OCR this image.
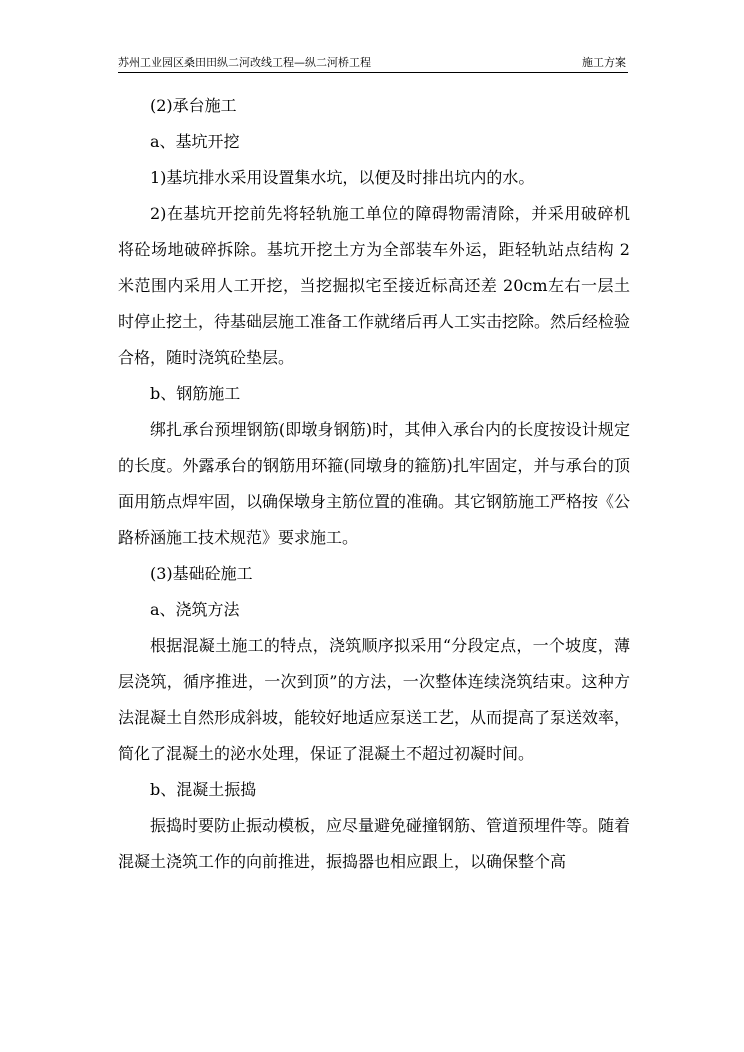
苏州工业园区桑田田纵二河改线工程—纵二河桥工程	施工方案

(2)承台施工

a、基坑开挖

1)基坑排水采用设置集水坑，以便及时排出坑内的水。

2)在基坑开挖前先将轻轨施工单位的障碍物需清除，并采用破碎机将砼场地破碎拆除。基坑开挖土方为全部装车外运，距轻轨站点结构 2 米范围内采用人工开挖，当挖掘拟宅至接近标高还差 20cm左右一层土时停止挖土，待基础层施工准备工作就绪后再人工实击挖除。然后经检验合格，随时浇筑砼垫层。

b、钢筋施工

绑扎承台预埋钢筋(即墩身钢筋)时，其伸入承台内的长度按设计规定的长度。外露承台的钢筋用环箍(同墩身的箍筋)扎牢固定，并与承台的顶面用筋点焊牢固，以确保墩身主筋位置的准确。其它钢筋施工严格按《公路桥涵施工技术规范》要求施工。

(3)基础砼施工

a、浇筑方法

根据混凝土施工的特点，浇筑顺序拟采用“分段定点，一个坡度，薄层浇筑，循序推进，一次到顶”的方法，一次整体连续浇筑结束。这种方法混凝土自然形成斜坡，能较好地适应泵送工艺，从而提高了泵送效率，简化了混凝土的泌水处理，保证了混凝土不超过初凝时间。

b、混凝土振捣

振捣时要防止振动模板，应尽量避免碰撞钢筋、管道预埋件等。随着混凝土浇筑工作的向前推进，振捣器也相应跟上，以确保整个高
